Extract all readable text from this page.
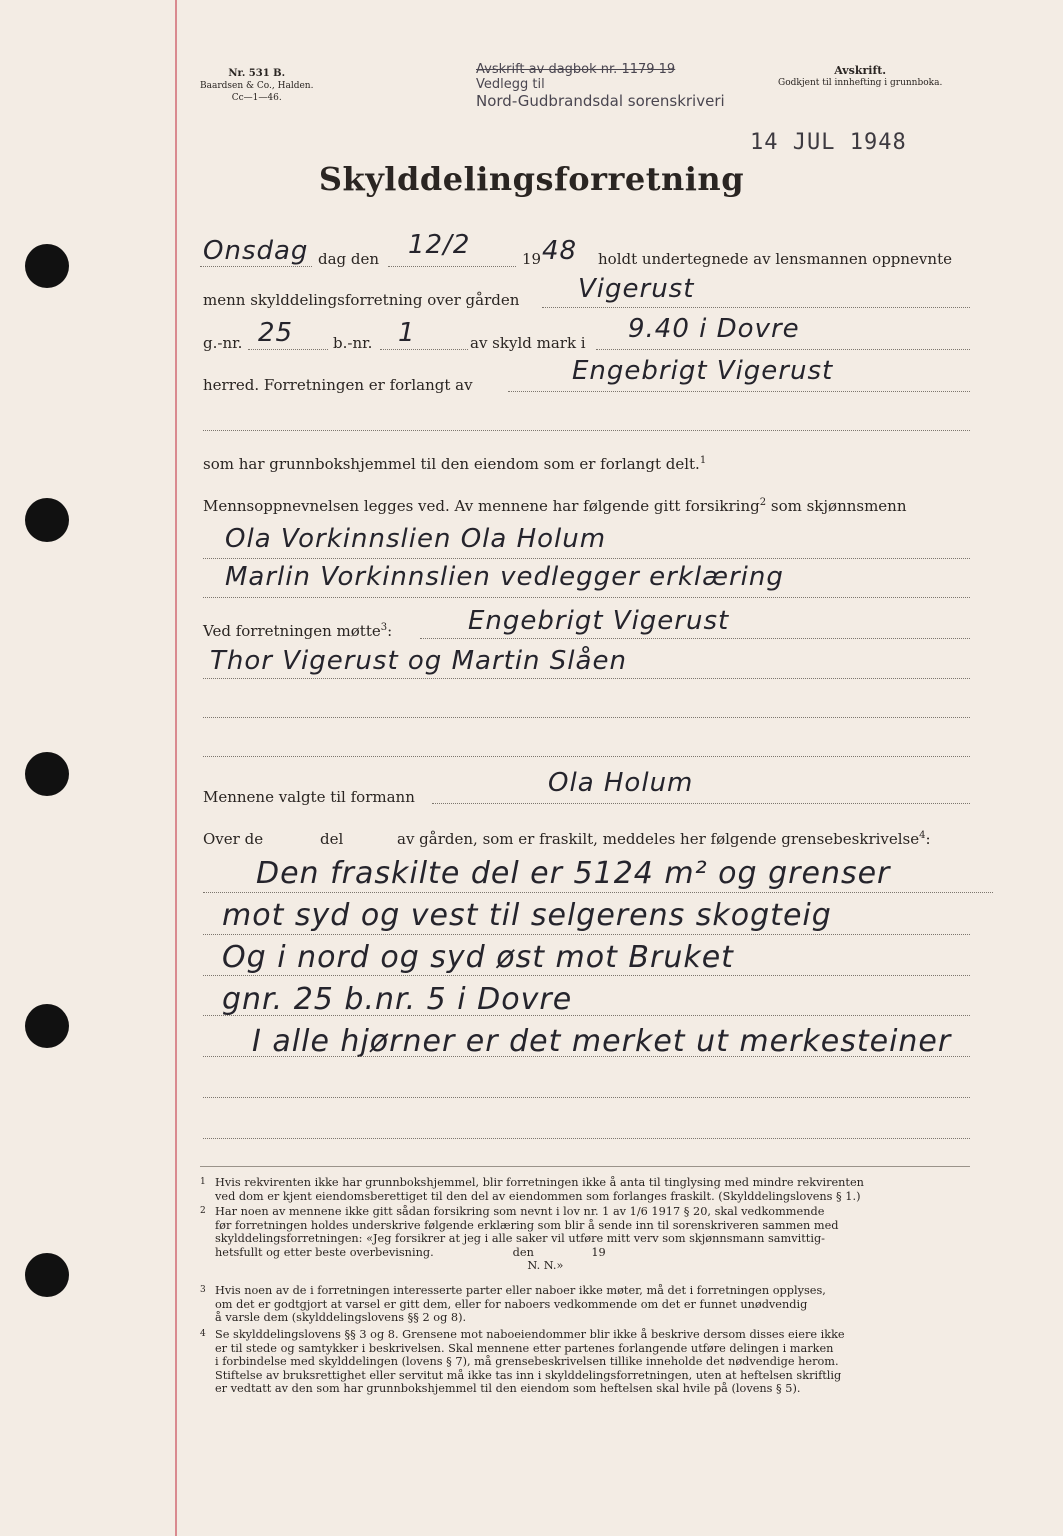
Nr. 531 B.
Baardsen & Co., Halden.
Cc—1—46.
Avskrift av dagbok nr. 1179 19
Vedlegg til
Nord-Gudbrandsdal sorenskriveri
14 JUL 1948
Avskrift.
Godkjent til innhefting i grunnboka.
Skylddelingsforretning
Onsdag dag den 12/2	19 48 holdt undertegnede av lensmannen oppnevnte
menn skylddelingsforretning over gården Vigerust
g.-nr. 25	b.-nr. 1	av skyld mark i 9.40 i Dovre
herred. Forretningen er forlangt av	Engebrigt Vigerust
som har grunnbokshjemmel til den eiendom som er forlangt delt.$^1$
Mennsoppnevnelsen legges ved. Av mennene har følgende gitt forsikring$^2$ som skjønnsmenn
Ola Vorkinnslien Ola Holum
Marlin Vorkinnslien vedlegger erklæring
Ved forretningen møtte$^3$:	Engebrigt Vigerust
Thor Vigerust og Martin Slåen
Mennene valgte til formann	Ola Holum
Over de	del	av gården, som er fraskilt, meddeles her følgende grensebeskrivelse$^4$:
Den fraskilte del er 5124 m² og grenser
mot syd og vest til selgerens skogteig
Og i nord og syd øst mot Bruket
gnr. 25 b.nr. 5 i Dovre
I alle hjørner er det merket ut merkesteiner
1 Hvis rekvirenten ikke har grunnbokshjemmel, blir forretningen ikke å anta til tinglysing med mindre rekvirenten
ved dom er kjent eiendomsberettiget til den del av eiendommen som forlanges fraskilt. (Skylddelingslovens § 1.)
2 Har noen av mennene ikke gitt sådan forsikring som nevnt i lov nr. 1 av 1/6 1917 § 20, skal vedkommende
før forretningen holdes underskrive følgende erklæring som blir å sende inn til sorenskriveren sammen med
skylddelingsforretningen: «Jeg forsikrer at jeg i alle saker vil utføre mitt verv som skjønnsmann samvittig-
hetsfullt og etter beste overbevisning.                      den                19
N. N.»
3 Hvis noen av de i forretningen interesserte parter eller naboer ikke møter, må det i forretningen opplyses,
om det er godtgjort at varsel er gitt dem, eller for naboers vedkommende om det er funnet unødvendig
å varsle dem (skylddelingslovens §§ 2 og 8).
4 Se skylddelingslovens §§ 3 og 8. Grensene mot naboeiendommer blir ikke å beskrive dersom disses eiere ikke
er til stede og samtykker i beskrivelsen. Skal mennene etter partenes forlangende utføre delingen i marken
i forbindelse med skylddelingen (lovens § 7), må grensebeskrivelsen tillike inneholde det nødvendige herom.
Stiftelse av bruksrettighet eller servitut må ikke tas inn i skylddelingsforretningen, uten at heftelsen skriftlig
er vedtatt av den som har grunnbokshjemmel til den eiendom som heftelsen skal hvile på (lovens § 5).
